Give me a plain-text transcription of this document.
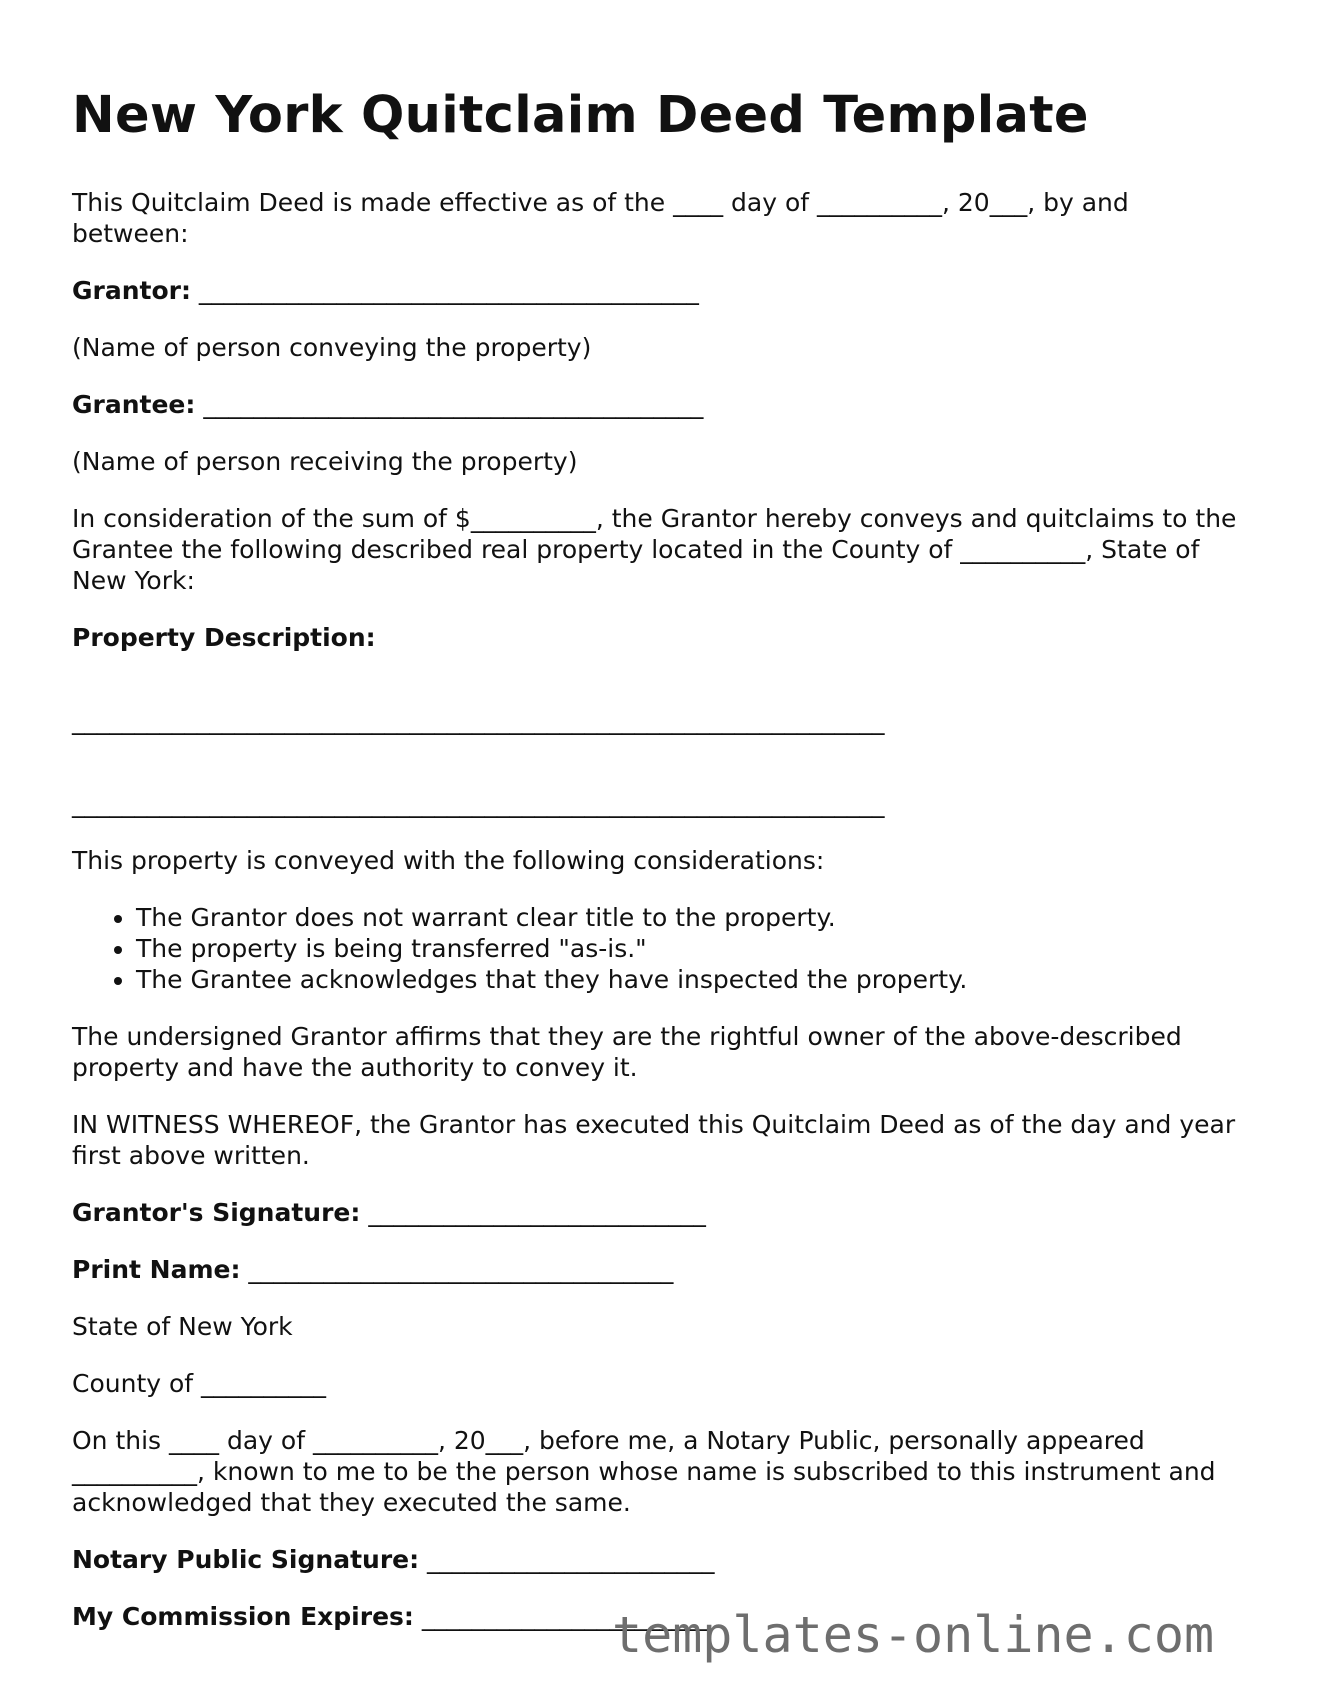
New York Quitclaim Deed Template

This Quitclaim Deed is made effective as of the ____ day of __________, 20___, by and between:

Grantor: ________________________________________

(Name of person conveying the property)

Grantee: ________________________________________

(Name of person receiving the property)

In consideration of the sum of $__________, the Grantor hereby conveys and quitclaims to the Grantee the following described real property located in the County of __________, State of New York:

Property Description:

_________________________________________________________________

_________________________________________________________________

This property is conveyed with the following considerations:

• The Grantor does not warrant clear title to the property.
• The property is being transferred "as-is."
• The Grantee acknowledges that they have inspected the property.

The undersigned Grantor affirms that they are the rightful owner of the above-described property and have the authority to convey it.

IN WITNESS WHEREOF, the Grantor has executed this Quitclaim Deed as of the day and year first above written.

Grantor's Signature: ___________________________

Print Name: __________________________________

State of New York

County of __________

On this ____ day of __________, 20___, before me, a Notary Public, personally appeared __________, known to me to be the person whose name is subscribed to this instrument and acknowledged that they executed the same.

Notary Public Signature: _______________________

My Commission Expires: _______________________

templates-online.com
